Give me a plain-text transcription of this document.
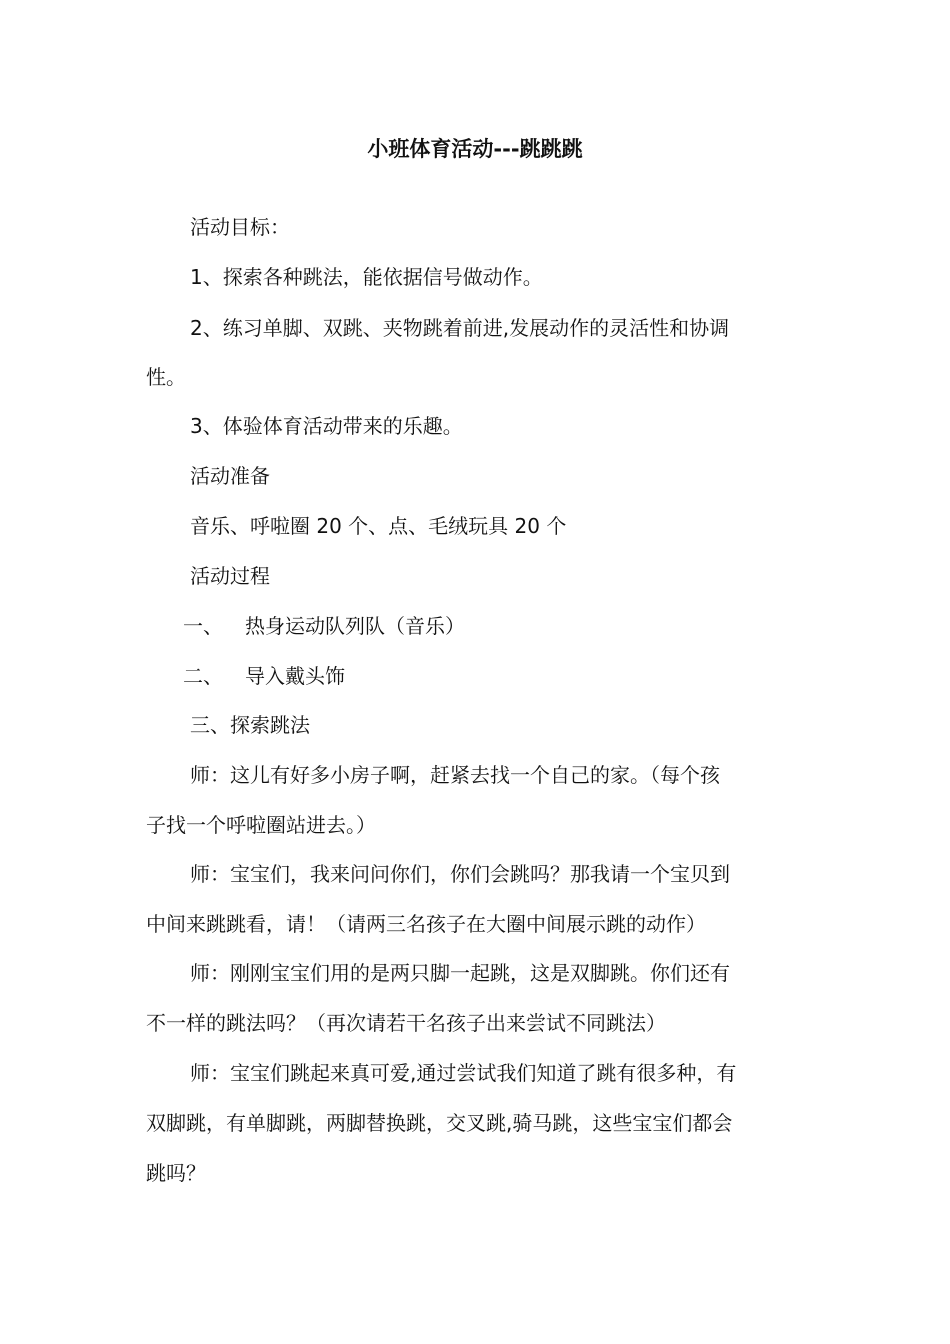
小班体育活动---跳跳跳
活动目标：
1、探索各种跳法，能依据信号做动作。
2、练习单脚、双跳、夹物跳着前进,发展动作的灵活性和协调
性。
3、体验体育活动带来的乐趣。
活动准备
音乐、呼啦圈 20 个、点、毛绒玩具 20 个
活动过程
一、 热身运动队列队（音乐）
二、 导入戴头饰
三、探索跳法
师：这儿有好多小房子啊，赶紧去找一个自己的家。（每个孩
子找一个呼啦圈站进去。）
师：宝宝们，我来问问你们，你们会跳吗？那我请一个宝贝到
中间来跳跳看，请！（请两三名孩子在大圈中间展示跳的动作）
师：刚刚宝宝们用的是两只脚一起跳，这是双脚跳。你们还有
不一样的跳法吗？（再次请若干名孩子出来尝试不同跳法）
师：宝宝们跳起来真可爱,通过尝试我们知道了跳有很多种，有
双脚跳，有单脚跳，两脚替换跳，交叉跳,骑马跳，这些宝宝们都会
跳吗？
